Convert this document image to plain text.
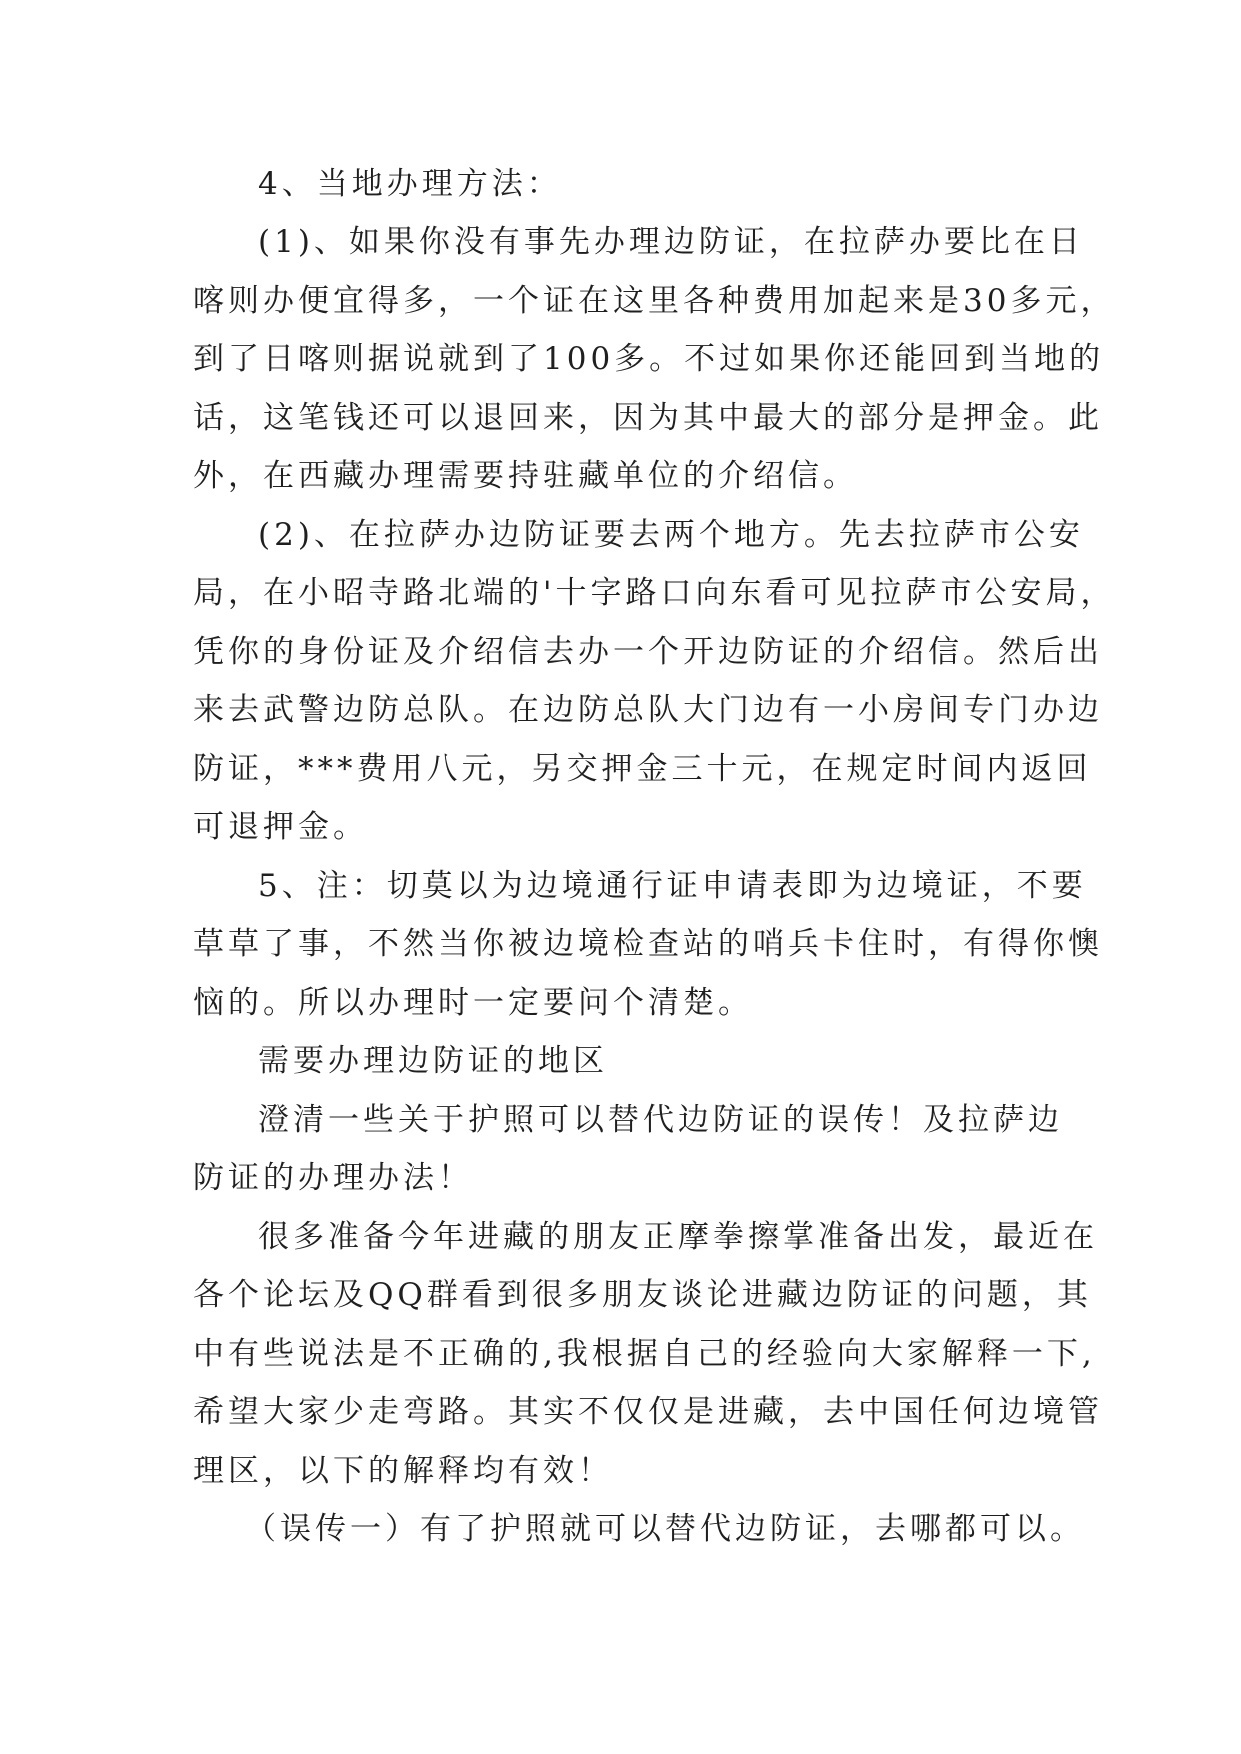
4、当地办理方法：
(1)、如果你没有事先办理边防证，在拉萨办要比在日
喀则办便宜得多，一个证在这里各种费用加起来是30多元，
到了日喀则据说就到了100多。不过如果你还能回到当地的
话，这笔钱还可以退回来，因为其中最大的部分是押金。此
外，在西藏办理需要持驻藏单位的介绍信。
(2)、在拉萨办边防证要去两个地方。先去拉萨市公安
局，在小昭寺路北端的'十字路口向东看可见拉萨市公安局，
凭你的身份证及介绍信去办一个开边防证的介绍信。然后出
来去武警边防总队。在边防总队大门边有一小房间专门办边
防证，***费用八元，另交押金三十元，在规定时间内返回
可退押金。
5、注：切莫以为边境通行证申请表即为边境证，不要
草草了事，不然当你被边境检查站的哨兵卡住时，有得你懊
恼的。所以办理时一定要问个清楚。
需要办理边防证的地区
澄清一些关于护照可以替代边防证的误传！及拉萨边
防证的办理办法！
很多准备今年进藏的朋友正摩拳擦掌准备出发，最近在
各个论坛及QQ群看到很多朋友谈论进藏边防证的问题，其
中有些说法是不正确的,我根据自己的经验向大家解释一下,
希望大家少走弯路。其实不仅仅是进藏，去中国任何边境管
理区，以下的解释均有效！
（误传一）有了护照就可以替代边防证，去哪都可以。
